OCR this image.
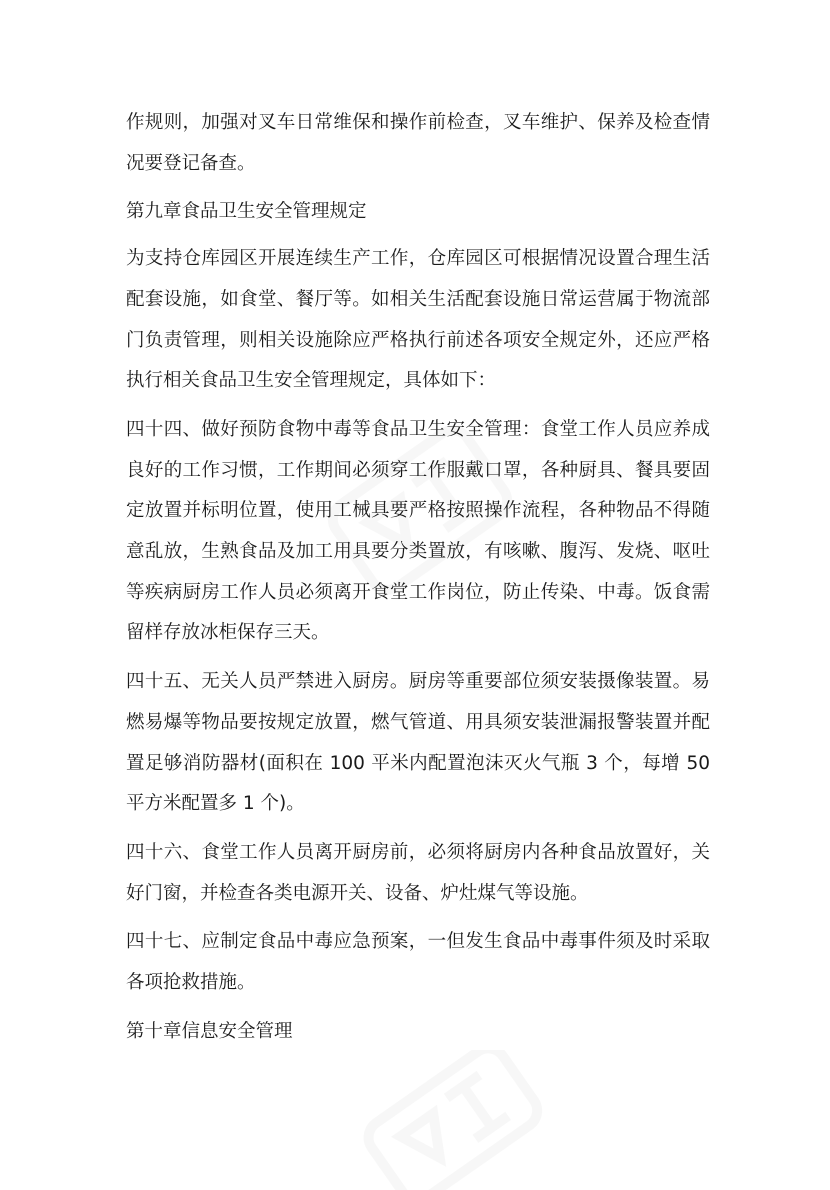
作规则，加强对叉车日常维保和操作前检查，叉车维护、保养及检查情况要登记备查。

第九章食品卫生安全管理规定

为支持仓库园区开展连续生产工作，仓库园区可根据情况设置合理生活配套设施，如食堂、餐厅等。如相关生活配套设施日常运营属于物流部门负责管理，则相关设施除应严格执行前述各项安全规定外，还应严格执行相关食品卫生安全管理规定，具体如下：

四十四、做好预防食物中毒等食品卫生安全管理：食堂工作人员应养成良好的工作习惯，工作期间必须穿工作服戴口罩，各种厨具、餐具要固定放置并标明位置，使用工械具要严格按照操作流程，各种物品不得随意乱放，生熟食品及加工用具要分类置放，有咳嗽、腹泻、发烧、呕吐等疾病厨房工作人员必须离开食堂工作岗位，防止传染、中毒。饭食需留样存放冰柜保存三天。

四十五、无关人员严禁进入厨房。厨房等重要部位须安装摄像装置。易燃易爆等物品要按规定放置，燃气管道、用具须安装泄漏报警装置并配置足够消防器材(面积在 100 平米内配置泡沫灭火气瓶 3 个，每增 50 平方米配置多 1 个)。

四十六、食堂工作人员离开厨房前，必须将厨房内各种食品放置好，关好门窗，并检查各类电源开关、设备、炉灶煤气等设施。

四十七、应制定食品中毒应急预案，一但发生食品中毒事件须及时采取各项抢救措施。

第十章信息安全管理
